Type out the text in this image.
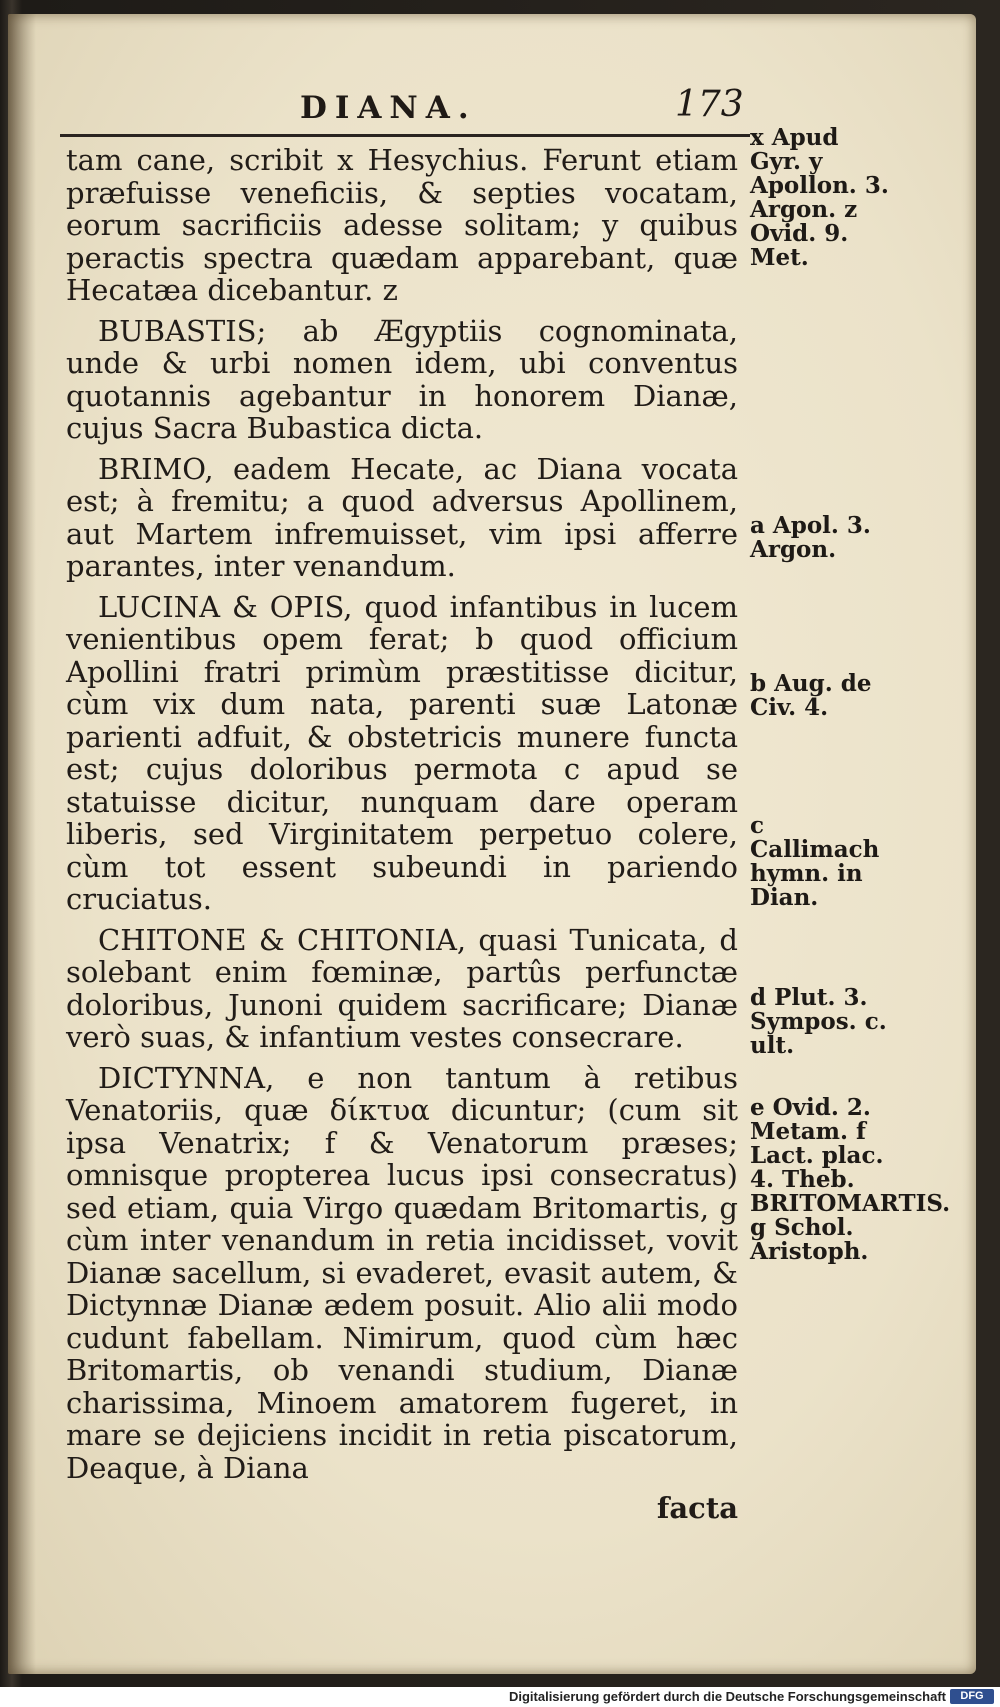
DIANA.	173

tam cane, scribit x Hesychius. Ferunt etiam præfuisse veneficiis, & septies vocatam, eorum sacrificiis adesse solitam; y quibus peractis spectra quædam apparebant, quæ Hecatæa dicebantur. z

BUBASTIS; ab Ægyptiis cognominata, unde & urbi nomen idem, ubi conventus quotannis agebantur in honorem Dianæ, cujus Sacra Bubastica dicta.

BRIMO, eadem Hecate, ac Diana vocata est; à fremitu; a quod adversus Apollinem, aut Martem infremuisset, vim ipsi afferre parantes, inter venandum.

LUCINA & OPIS, quod infantibus in lucem venientibus opem ferat; b quod officium Apollini fratri primùm præstitisse dicitur, cùm vix dum nata, parenti suæ Latonæ parienti adfuit, & obstetricis munere functa est; cujus doloribus permota c apud se statuisse dicitur, nunquam dare operam liberis, sed Virginitatem perpetuo colere, cùm tot essent subeundi in pariendo cruciatus.

CHITONE & CHITONIA, quasi Tunicata, d solebant enim fœminæ, partûs perfunctæ doloribus, Junoni quidem sacrificare; Dianæ verò suas, & infantium vestes consecrare.

DICTYNNA, e non tantum à retibus Venatoriis, quæ δίκτυα dicuntur; (cum sit ipsa Venatrix; f & Venatorum præses; omnisque propterea lucus ipsi consecratus) sed etiam, quia Virgo quædam Britomartis, g cùm inter venandum in retia incidisset, vovit Dianæ sacellum, si evaderet, evasit autem, & Dictynnæ Dianæ ædem posuit. Alio alii modo cudunt fabellam. Nimirum, quod cùm hæc Britomartis, ob venandi studium, Dianæ charissima, Minoem amatorem fugeret, in mare se dejiciens incidit in retia piscatorum, Deaque, à Diana

facta

x Apud Gyr. y Apollon. 3. Argon. z Ovid. 9. Met.
a Apol. 3. Argon.
b Aug. de Civ. 4.
c Callimach hymn. in Dian.
d Plut. 3. Sympos. c. ult.
e Ovid. 2. Metam. f Lact. plac. 4. Theb. BRITOMARTIS. g Schol. Aristoph.
Digitalisierung gefördert durch die Deutsche Forschungsgemeinschaft	DFG
